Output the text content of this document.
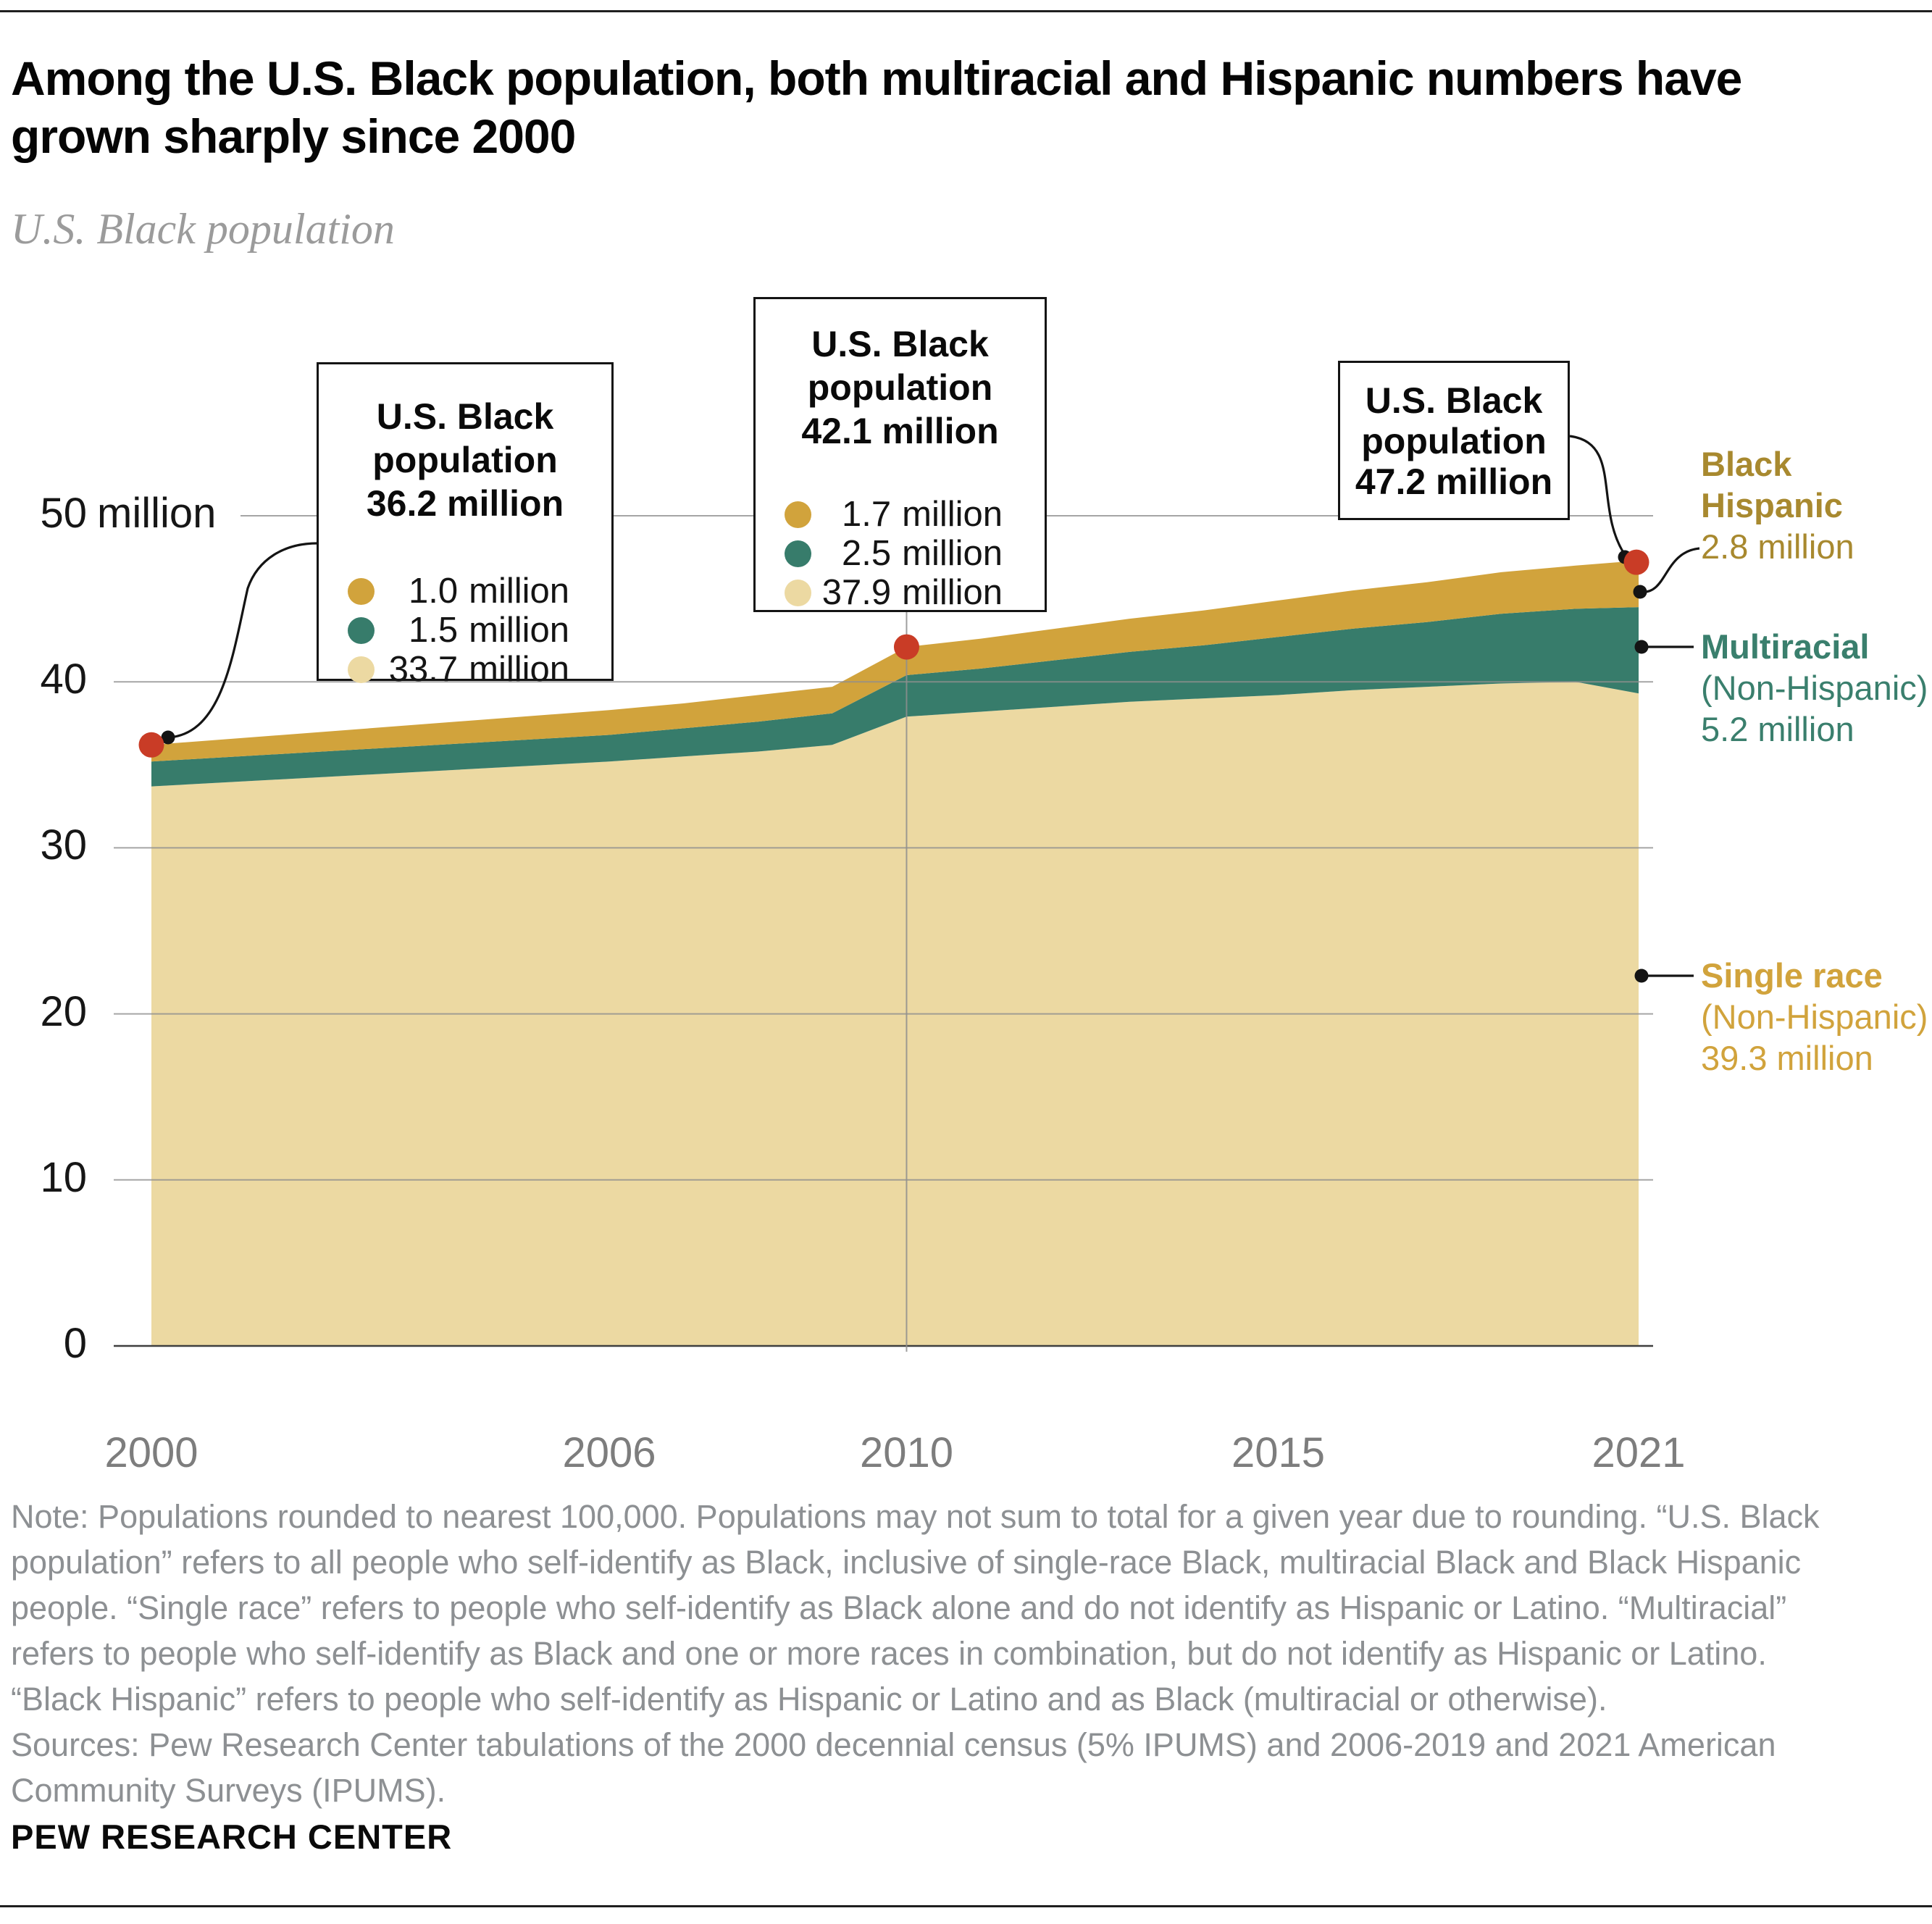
Among the U.S. Black population, both multiracial and Hispanic numbers have
grown sharply since 2000
U.S. Black population
0
10
20
30
40
50 million
2000	2006	2010	2015	2021
U.S. Black
population
36.2 million
1.0 million
1.5 million
33.7 million
U.S. Black
population
42.1 million
1.7 million
2.5 million
37.9 million
U.S. Black
population
47.2 million	Black
Hispanic
2.8 million
Multiracial
(Non-Hispanic)
5.2 million
Single race
(Non-Hispanic)
39.3 million
Note: Populations rounded to nearest 100,000. Populations may not sum to total for a given year due to rounding. “U.S. Black
population” refers to all people who self-identify as Black, inclusive of single-race Black, multiracial Black and Black Hispanic
people. “Single race” refers to people who self-identify as Black alone and do not identify as Hispanic or Latino. “Multiracial”
refers to people who self-identify as Black and one or more races in combination, but do not identify as Hispanic or Latino.
“Black Hispanic” refers to people who self-identify as Hispanic or Latino and as Black (multiracial or otherwise).
Sources: Pew Research Center tabulations of the 2000 decennial census (5% IPUMS) and 2006-2019 and 2021 American
Community Surveys (IPUMS).
PEW RESEARCH CENTER
